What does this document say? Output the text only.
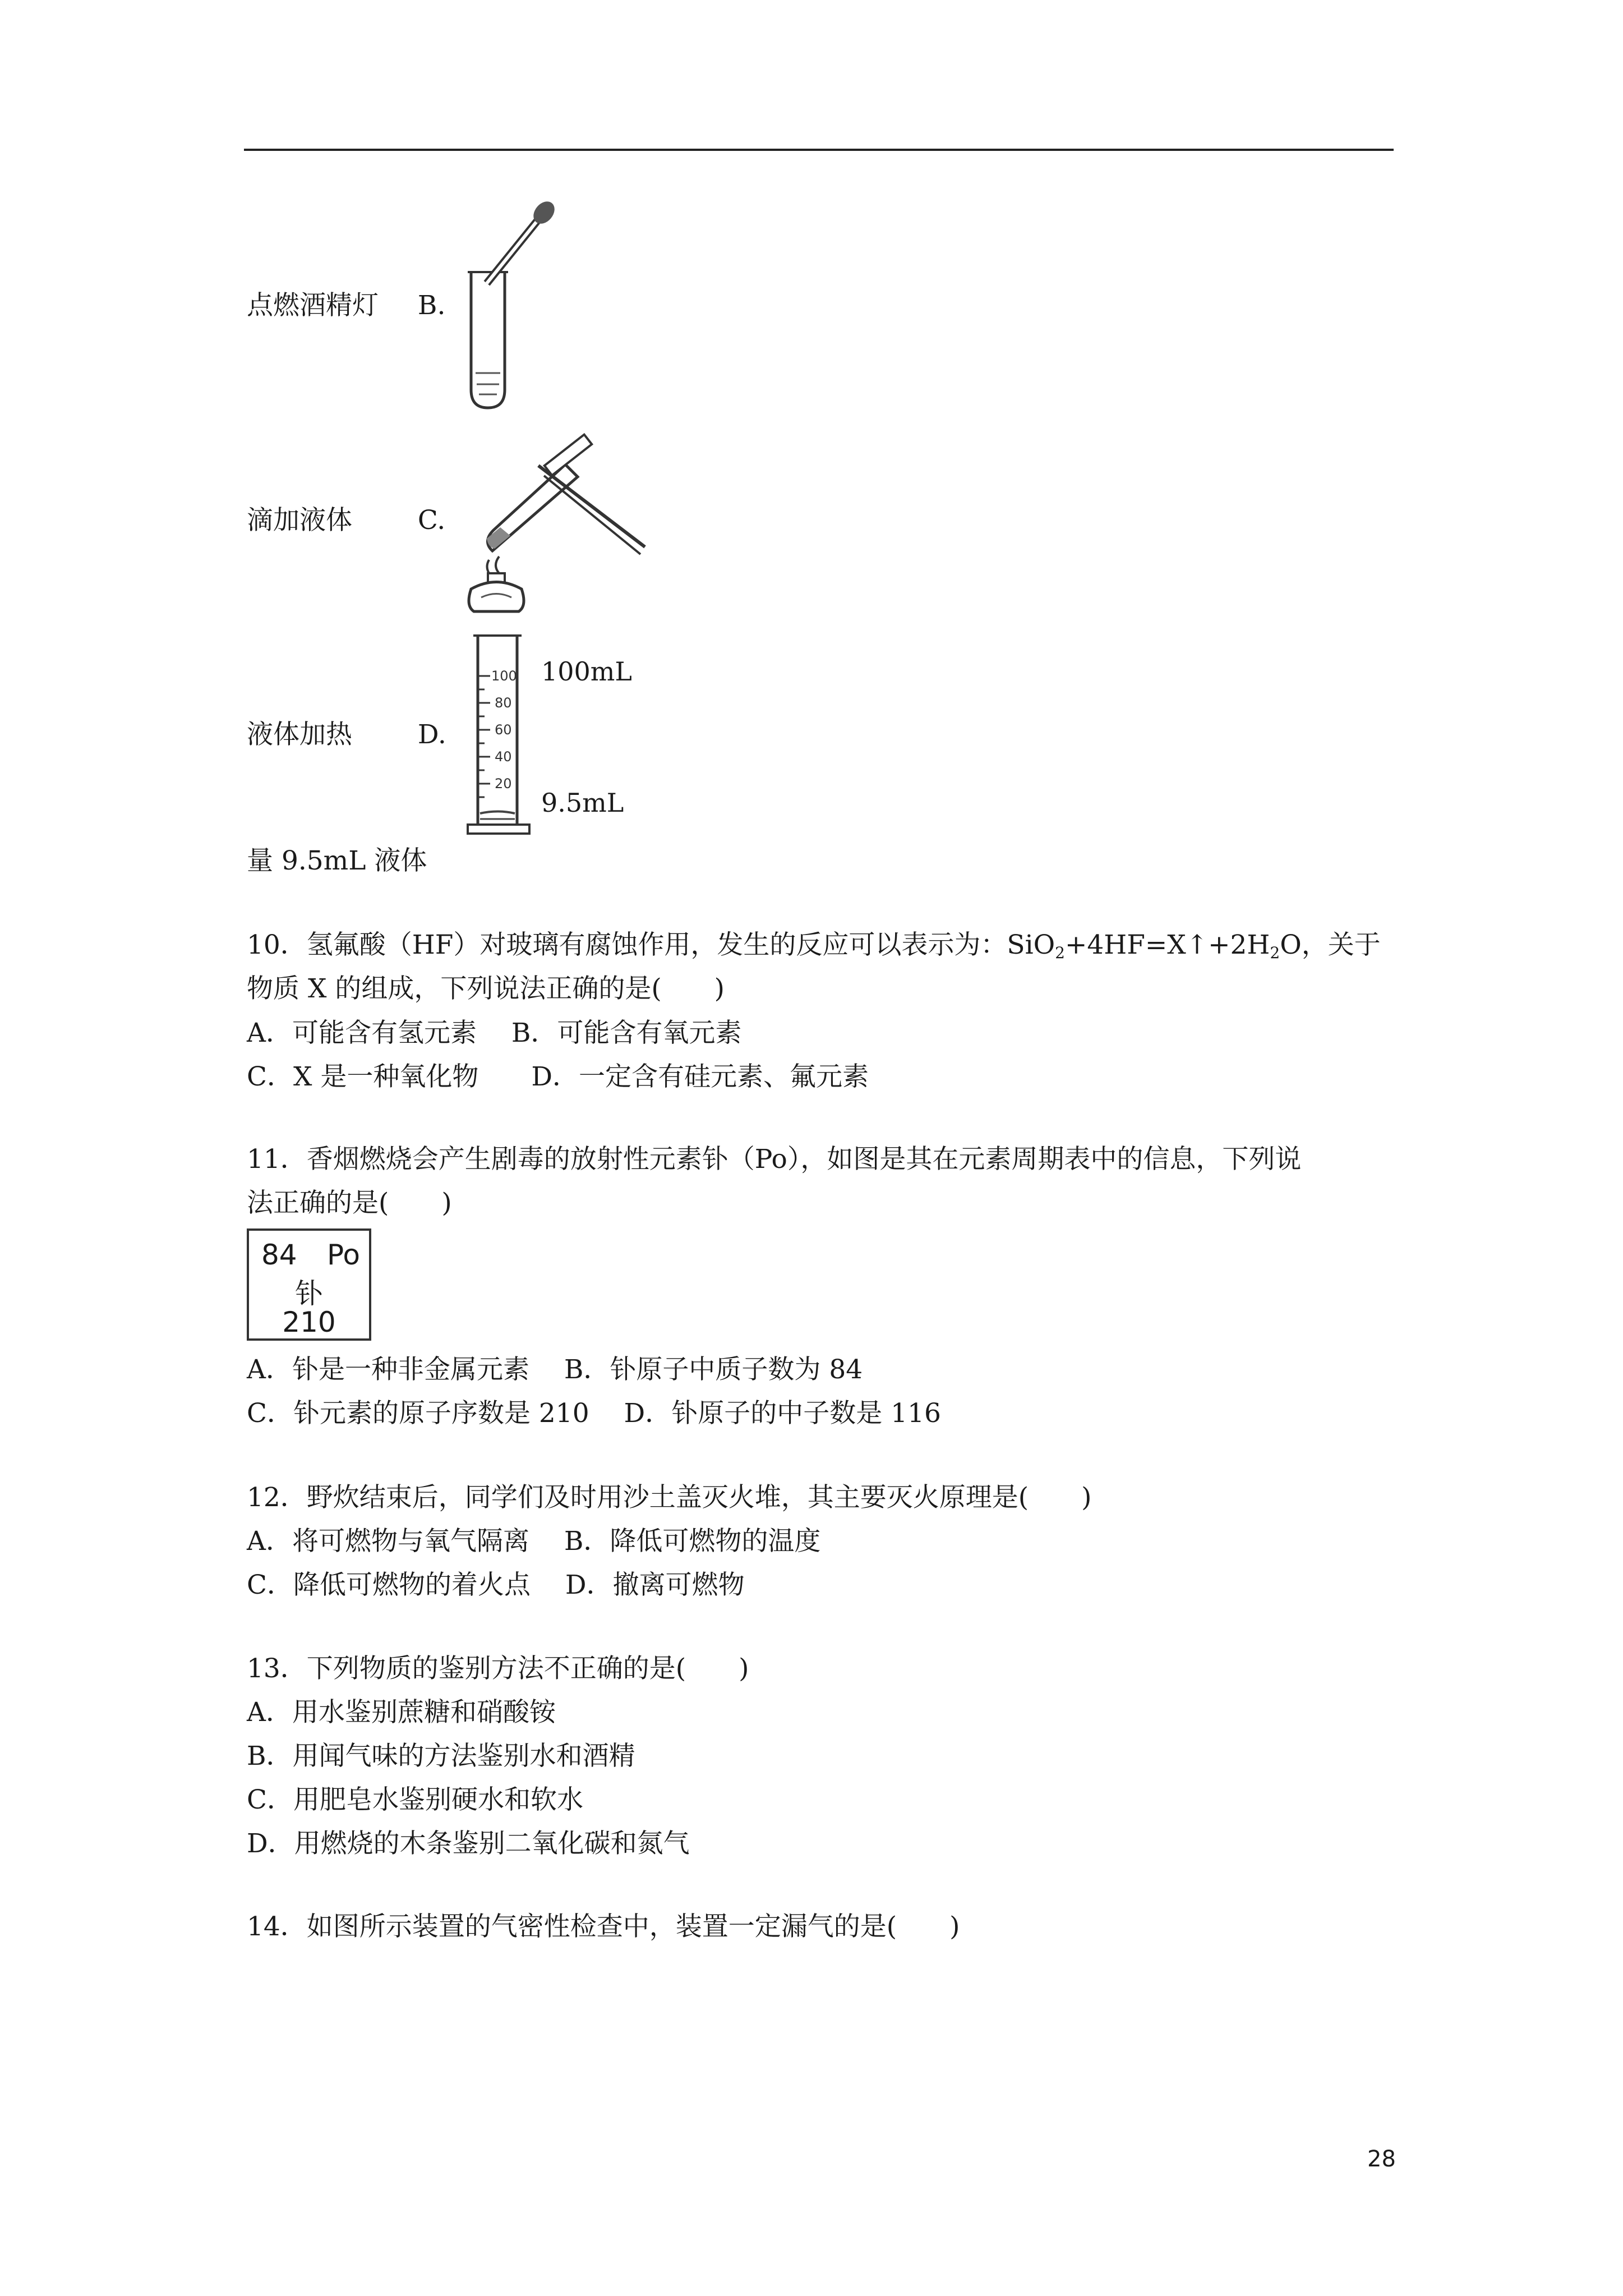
点燃酒精灯 B.
滴加液体 C.
液体加热 D.
100
80
60
40
20
100mL
9.5mL
量 9.5mL 液体
10．氢氟酸（HF）对玻璃有腐蚀作用，发生的反应可以表示为：$SiO_2+4HF=X↑+2H_2O$，关于
物质 X 的组成，下列说法正确的是(　　)
A．可能含有氢元素　 B．可能含有氧元素
C．X 是一种氧化物　　D．一定含有硅元素、氟元素
11．香烟燃烧会产生剧毒的放射性元素钋（Po），如图是其在元素周期表中的信息，下列说
法正确的是(　　)
84 Po
钋
210
A．钋是一种非金属元素　 B．钋原子中质子数为 84
C．钋元素的原子序数是 210　 D．钋原子的中子数是 116
12．野炊结束后，同学们及时用沙土盖灭火堆，其主要灭火原理是(　　)
A．将可燃物与氧气隔离　 B．降低可燃物的温度
C．降低可燃物的着火点　 D．撤离可燃物
13．下列物质的鉴别方法不正确的是(　　)
A．用水鉴别蔗糖和硝酸铵
B．用闻气味的方法鉴别水和酒精
C．用肥皂水鉴别硬水和软水
D．用燃烧的木条鉴别二氧化碳和氮气
14．如图所示装置的气密性检查中，装置一定漏气的是(　　)
28
